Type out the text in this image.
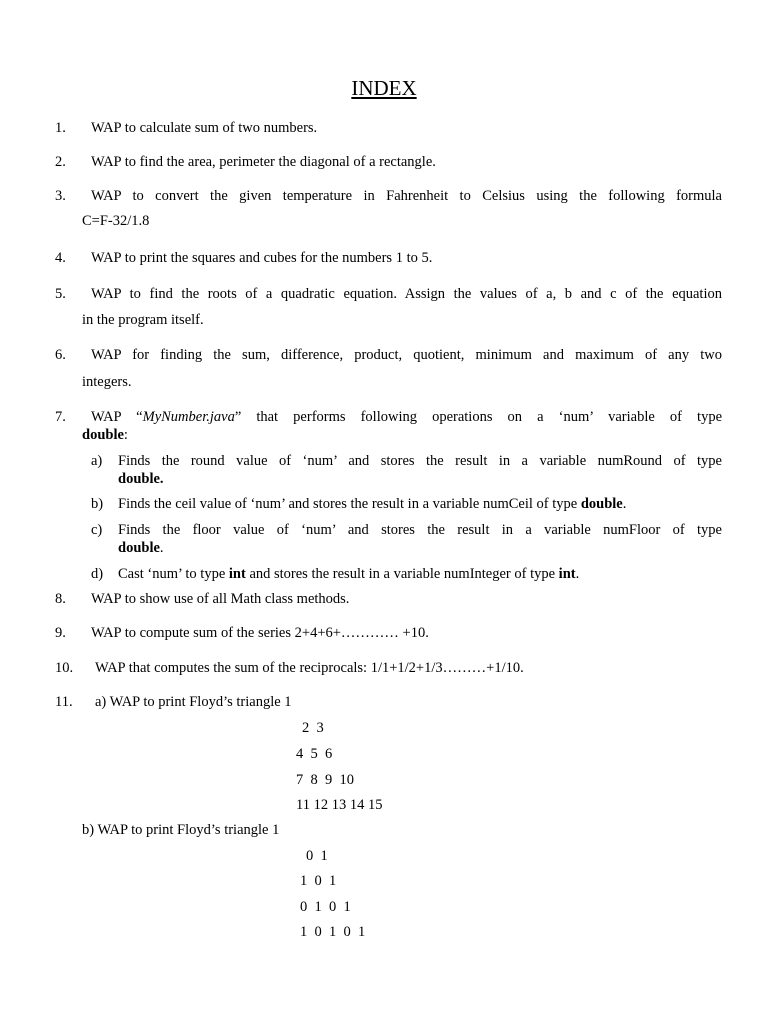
INDEX
1. WAP to calculate sum of two numbers.
2. WAP to find the area, perimeter the diagonal of a rectangle.
3. WAP to convert the given temperature in Fahrenheit to Celsius using the following formula
C=F-32/1.8
4. WAP to print the squares and cubes for the numbers 1 to 5.
5. WAP to find the roots of a quadratic equation. Assign the values of a, b and c of the equation
in the program itself.
6. WAP for finding the sum, difference, product, quotient, minimum and maximum of any two
integers.
7. WAP “MyNumber.java” that performs following operations on a ‘num’ variable of type
double:
a) Finds the round value of ‘num’ and stores the result in a variable numRound of type
double.
b) Finds the ceil value of ‘num’ and stores the result in a variable numCeil of type double.
c) Finds the floor value of ‘num’ and stores the result in a variable numFloor of type
double.
d) Cast ‘num’ to type int and stores the result in a variable numInteger of type int.
8. WAP to show use of all Math class methods.
9. WAP to compute sum of the series 2+4+6+………… +10.
10. WAP that computes the sum of the reciprocals: 1/1+1/2+1/3………+1/10.
11. a) WAP to print Floyd’s triangle 1
2  3
4  5  6
7  8  9  10
11 12 13 14 15
b) WAP to print Floyd’s triangle 1
0  1
1  0  1
0  1  0  1
1  0  1  0  1
